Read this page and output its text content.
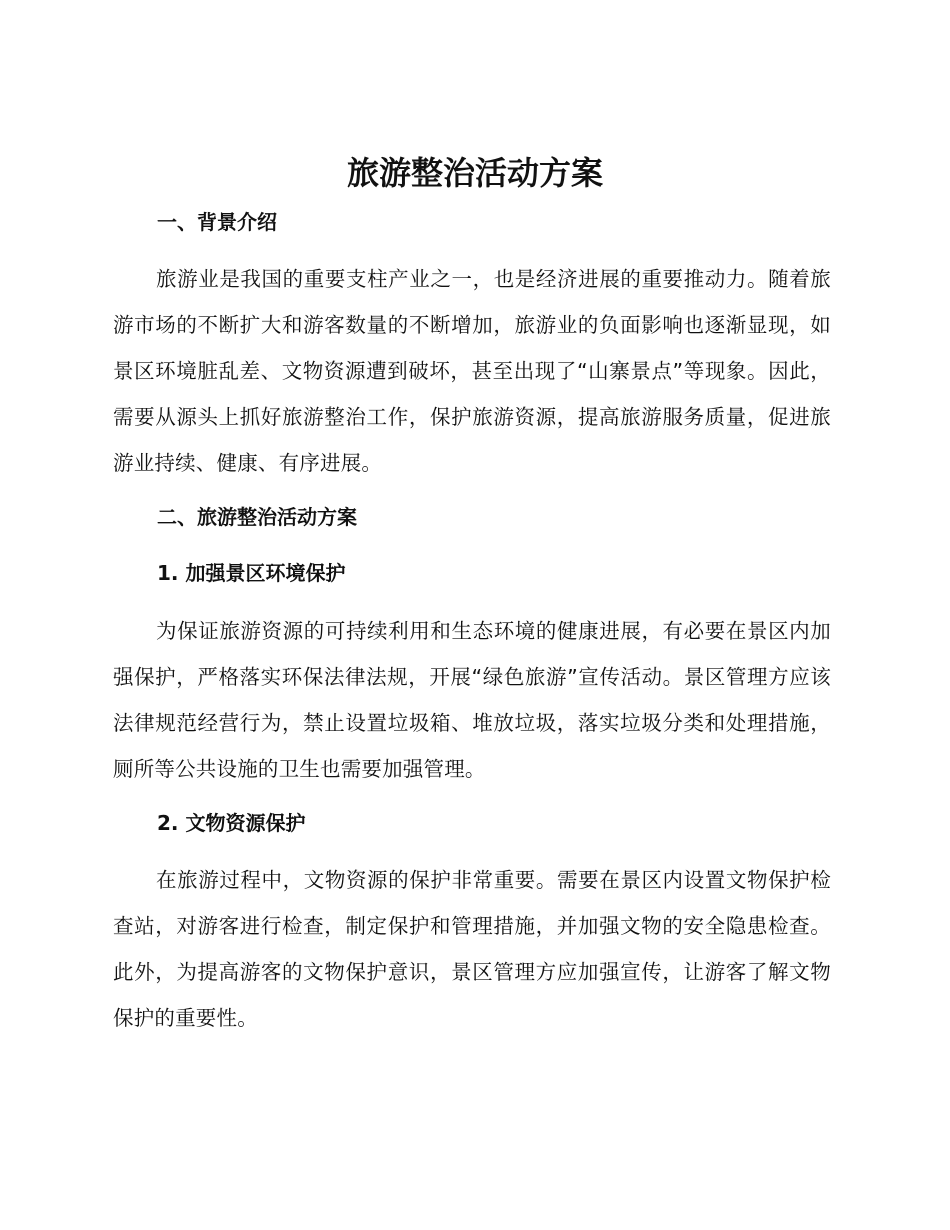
旅游整治活动方案
一、背景介绍

旅游业是我国的重要支柱产业之一，也是经济进展的重要推动力。随着旅游市场的不断扩大和游客数量的不断增加，旅游业的负面影响也逐渐显现，如景区环境脏乱差、文物资源遭到破坏，甚至出现了“山寨景点”等现象。因此，需要从源头上抓好旅游整治工作，保护旅游资源，提高旅游服务质量，促进旅游业持续、健康、有序进展。

二、旅游整治活动方案
1. 加强景区环境保护

为保证旅游资源的可持续利用和生态环境的健康进展，有必要在景区内加强保护，严格落实环保法律法规，开展“绿色旅游”宣传活动。景区管理方应该法律规范经营行为，禁止设置垃圾箱、堆放垃圾，落实垃圾分类和处理措施，厕所等公共设施的卫生也需要加强管理。

2. 文物资源保护

在旅游过程中，文物资源的保护非常重要。需要在景区内设置文物保护检查站，对游客进行检查，制定保护和管理措施，并加强文物的安全隐患检查。此外，为提高游客的文物保护意识，景区管理方应加强宣传，让游客了解文物保护的重要性。
